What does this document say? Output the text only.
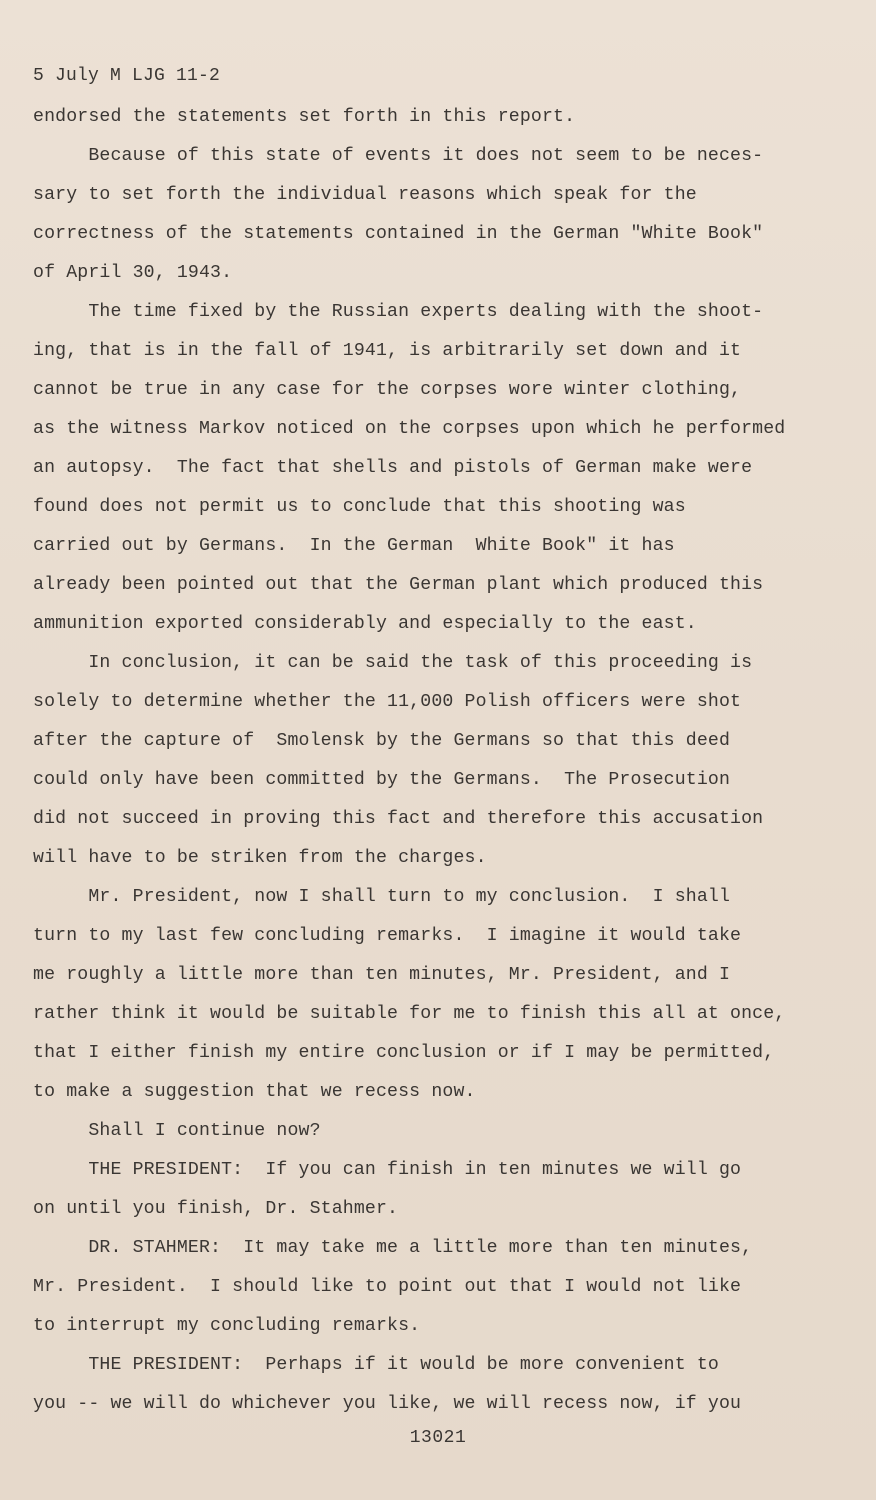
5 July M LJG 11-2
endorsed the statements set forth in this report.
Because of this state of events it does not seem to be neces-
sary to set forth the individual reasons which speak for the
correctness of the statements contained in the German "White Book"
of April 30, 1943.
The time fixed by the Russian experts dealing with the shoot-
ing, that is in the fall of 1941, is arbitrarily set down and it
cannot be true in any case for the corpses wore winter clothing,
as the witness Markov noticed on the corpses upon which he performed
an autopsy.  The fact that shells and pistols of German make were
found does not permit us to conclude that this shooting was
carried out by Germans.  In the German  White Book" it has
already been pointed out that the German plant which produced this
ammunition exported considerably and especially to the east.
In conclusion, it can be said the task of this proceeding is
solely to determine whether the 11,000 Polish officers were shot
after the capture of  Smolensk by the Germans so that this deed
could only have been committed by the Germans.  The Prosecution
did not succeed in proving this fact and therefore this accusation
will have to be striken from the charges.
Mr. President, now I shall turn to my conclusion.  I shall
turn to my last few concluding remarks.  I imagine it would take
me roughly a little more than ten minutes, Mr. President, and I
rather think it would be suitable for me to finish this all at once,
that I either finish my entire conclusion or if I may be permitted,
to make a suggestion that we recess now.
Shall I continue now?
THE PRESIDENT:  If you can finish in ten minutes we will go
on until you finish, Dr. Stahmer.
DR. STAHMER:  It may take me a little more than ten minutes,
Mr. President.  I should like to point out that I would not like
to interrupt my concluding remarks.
THE PRESIDENT:  Perhaps if it would be more convenient to
you -- we will do whichever you like, we will recess now, if you
13021
